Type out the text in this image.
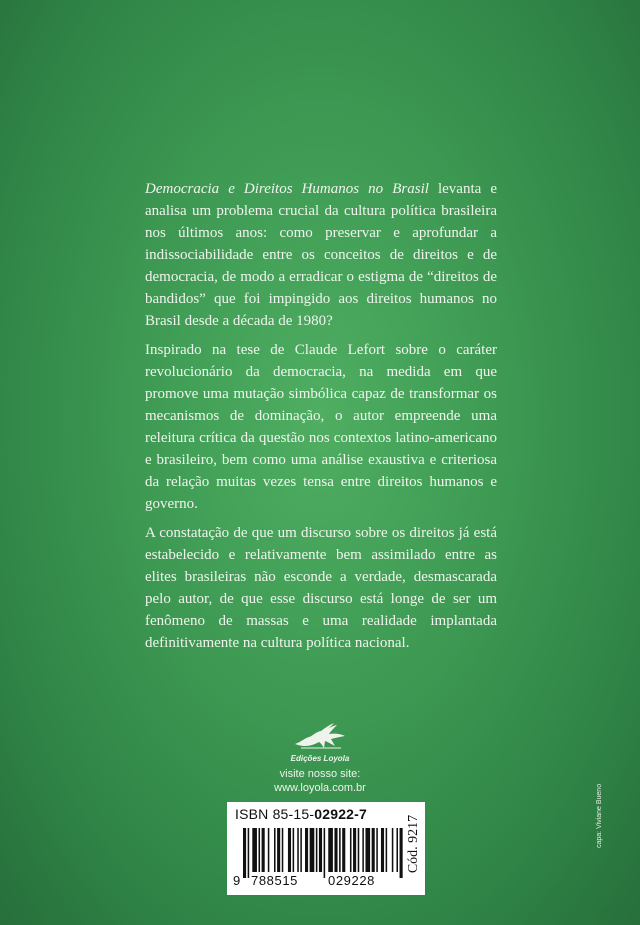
Democracia e Direitos Humanos no Brasil levanta e analisa um problema crucial da cultura política brasileira nos últimos anos: como preservar e aprofundar a indissociabilidade entre os conceitos de direitos e de democracia, de modo a erradicar o estigma de “direitos de bandidos” que foi impingido aos direitos humanos no Brasil desde a década de 1980?

Inspirado na tese de Claude Lefort sobre o caráter revolucionário da democracia, na medida em que promove uma mutação simbólica capaz de transformar os mecanismos de dominação, o autor empreende uma releitura crítica da questão nos contextos latino-americano e brasileiro, bem como uma análise exaustiva e criteriosa da relação muitas vezes tensa entre direitos humanos e governo.

A constatação de que um discurso sobre os direitos já está estabelecido e relativamente bem assimilado entre as elites brasileiras não esconde a verdade, desmascarada pelo autor, de que esse discurso está longe de ser um fenômeno de massas e uma realidade implantada definitivamente na cultura política nacional.

Edições Loyola
visite nosso site:
www.loyola.com.br
ISBN 85-15-02922-7
9 788515 029228
Cód. 9217	capa: Viviane Bueno
